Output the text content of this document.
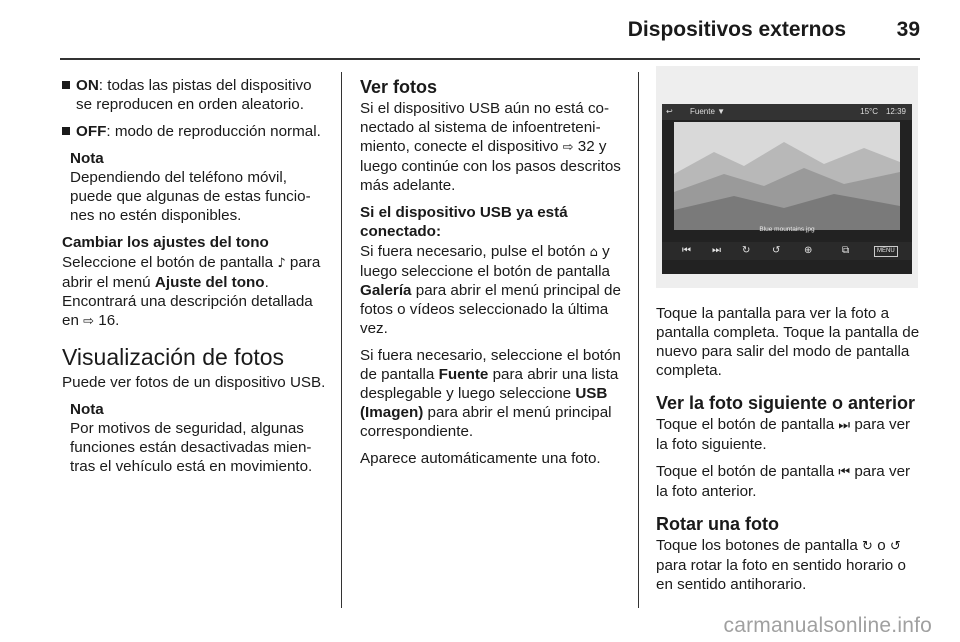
Dispositivos externos 39
ON: todas las pistas del dispositivo se reproducen en orden aleatorio.
OFF: modo de reproducción normal.
Nota
Dependiendo del teléfono móvil, puede que algunas de estas funciones no estén disponibles.
Cambiar los ajustes del tono

Seleccione el botón de pantalla ♪ para abrir el menú Ajuste del tono. Encontrará una descripción detallada en ⇨ 16.

Visualización de fotos

Puede ver fotos de un dispositivo USB.

Nota
Por motivos de seguridad, algunas funciones están desactivadas mientras el vehículo está en movimiento.
Ver fotos

Si el dispositivo USB aún no está conectado al sistema de infoentretenimiento, conecte el dispositivo ⇨ 32 y luego continúe con los pasos descritos más adelante.

Si el dispositivo USB ya está conectado:

Si fuera necesario, pulse el botón ⌂ y luego seleccione el botón de pantalla Galería para abrir el menú principal de fotos o vídeos seleccionado la última vez.

Si fuera necesario, seleccione el botón de pantalla Fuente para abrir una lista desplegable y luego seleccione USB (Imagen) para abrir el menú principal correspondiente.

Aparece automáticamente una foto.

↩ Fuente ▼	15°C 12:39
Blue mountains.jpg
⏮ ⏭ ↻ ↺ ⊕	⧉	MENU

Toque la pantalla para ver la foto a pantalla completa. Toque la pantalla de nuevo para salir del modo de pantalla completa.

Ver la foto siguiente o anterior

Toque el botón de pantalla ⏭ para ver la foto siguiente.

Toque el botón de pantalla ⏮ para ver la foto anterior.

Rotar una foto

Toque los botones de pantalla ↻ o ↺ para rotar la foto en sentido horario o en sentido antihorario.

carmanualsonline.info
